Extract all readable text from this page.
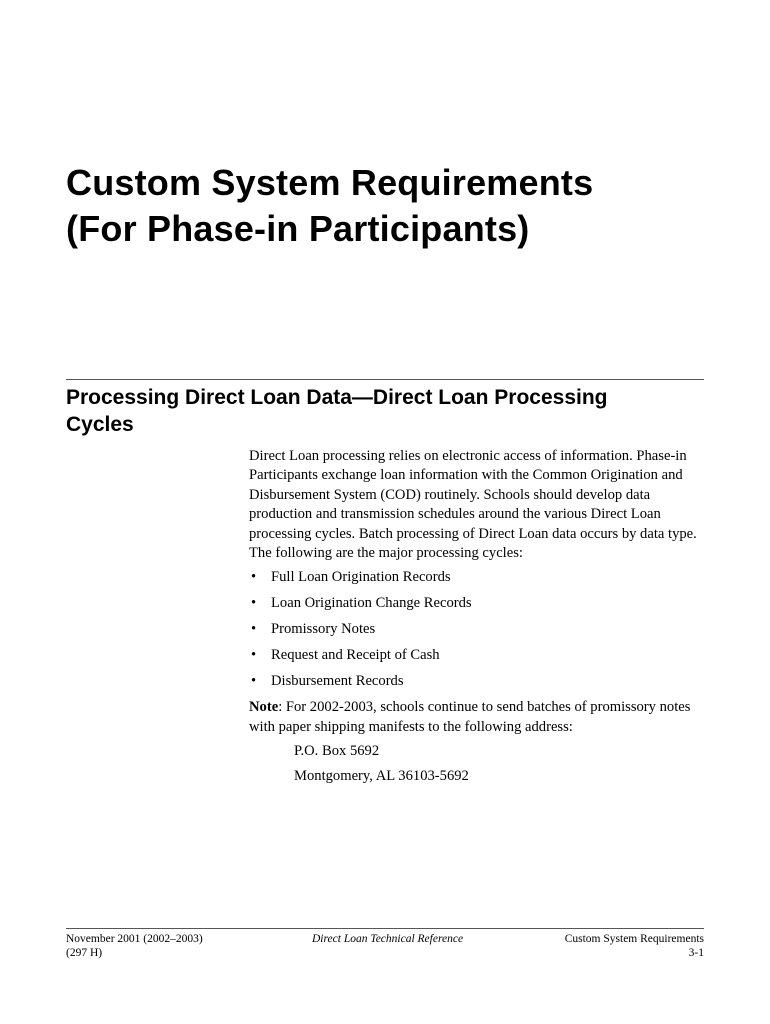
Custom System Requirements
(For Phase-in Participants)
Processing Direct Loan Data—Direct Loan Processing
Cycles

Direct Loan processing relies on electronic access of information. Phase-in Participants exchange loan information with the Common Origination and Disbursement System (COD) routinely. Schools should develop data production and transmission schedules around the various Direct Loan processing cycles. Batch processing of Direct Loan data occurs by data type. The following are the major processing cycles:

• Full Loan Origination Records
• Loan Origination Change Records
• Promissory Notes
• Request and Receipt of Cash
• Disbursement Records

Note: For 2002-2003, schools continue to send batches of promissory notes with paper shipping manifests to the following address:

P.O. Box 5692
Montgomery, AL 36103-5692
November 2001 (2002–2003)
(297 H)
Direct Loan Technical Reference	Custom System Requirements
3-1
